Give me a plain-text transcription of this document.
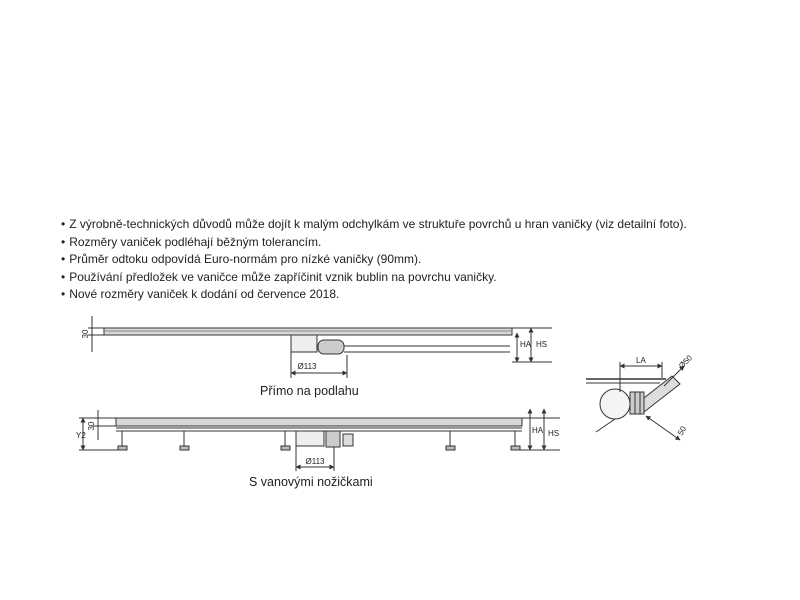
• Z výrobně-technických důvodů může dojít k malým odchylkám ve struktuře povrchů u hran vaničky (viz detailní foto).
• Rozměry vaniček podléhají běžným tolerancím.
• Průměr odtoku odpovídá Euro-normám pro nízké vaničky (90mm).
• Používání předložek ve vaničce může zapříčinit vznik bublin na povrchu vaničky.
• Nové rozměry vaniček k dodání od července 2018.
30
Ø113
HA HS
Y2
30
Ø113
HA HS
LA	Ø50
50
Přímo na podlahu
S vanovými nožičkami
